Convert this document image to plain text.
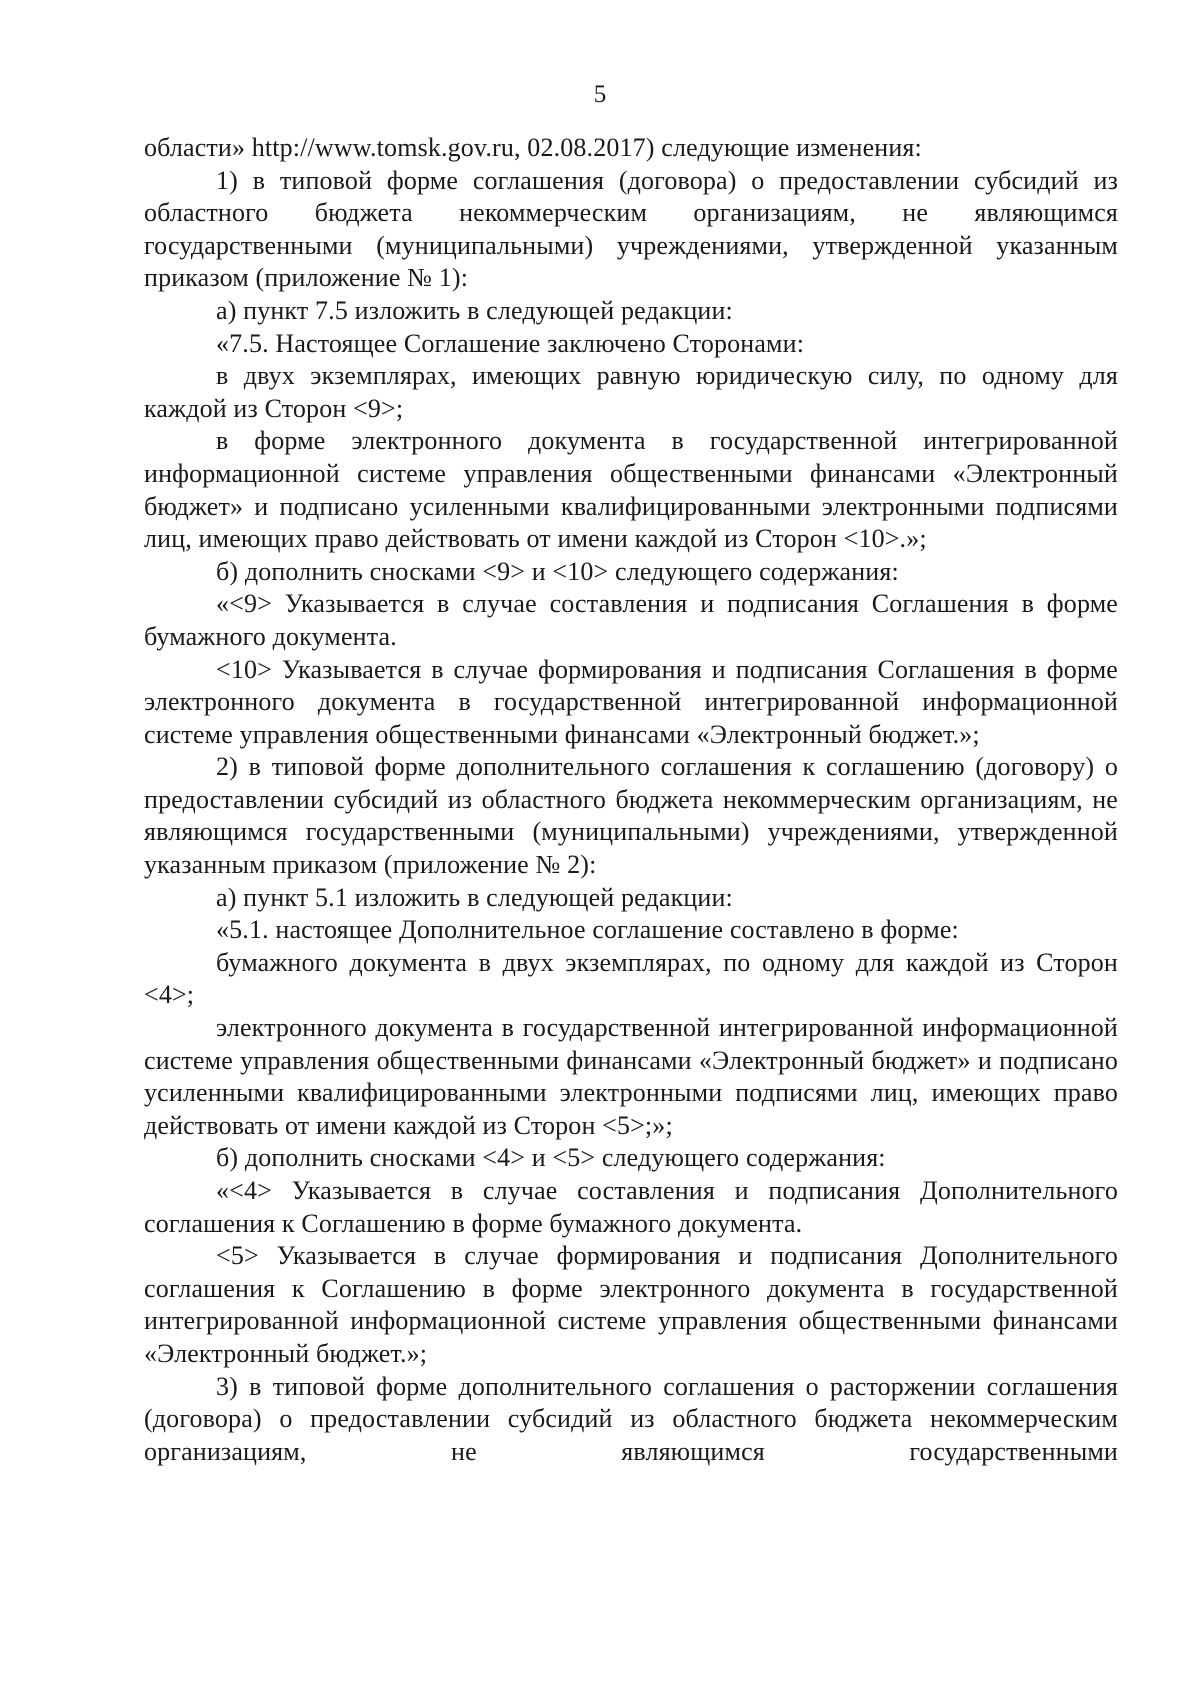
5

области» http://www.tomsk.gov.ru, 02.08.2017) следующие изменения:

1) в типовой форме соглашения (договора) о предоставлении субсидий из областного бюджета некоммерческим организациям, не являющимся государственными (муниципальными) учреждениями, утвержденной указанным приказом (приложение № 1):

а) пункт 7.5 изложить в следующей редакции:

«7.5. Настоящее Соглашение заключено Сторонами:

в двух экземплярах, имеющих равную юридическую силу, по одному для каждой из Сторон <9>;

в форме электронного документа в государственной интегрированной информационной системе управления общественными финансами «Электронный бюджет» и подписано усиленными квалифицированными электронными подписями лиц, имеющих право действовать от имени каждой из Сторон <10>.»;

б) дополнить сносками <9> и <10> следующего содержания:

«<9> Указывается в случае составления и подписания Соглашения в форме бумажного документа.

<10> Указывается в случае формирования и подписания Соглашения в форме электронного документа в государственной интегрированной информационной системе управления общественными финансами «Электронный бюджет.»;

2) в типовой форме дополнительного соглашения к соглашению (договору) о предоставлении субсидий из областного бюджета некоммерческим организациям, не являющимся государственными (муниципальными) учреждениями, утвержденной указанным приказом (приложение № 2):

а) пункт 5.1 изложить в следующей редакции:

«5.1. настоящее Дополнительное соглашение составлено в форме:

бумажного документа в двух экземплярах, по одному для каждой из Сторон <4>;

электронного документа в государственной интегрированной информационной системе управления общественными финансами «Электронный бюджет» и подписано усиленными квалифицированными электронными подписями лиц, имеющих право действовать от имени каждой из Сторон <5>;»;

б) дополнить сносками <4> и <5> следующего содержания:

«<4> Указывается в случае составления и подписания Дополнительного соглашения к Соглашению в форме бумажного документа.

<5> Указывается в случае формирования и подписания Дополнительного соглашения к Соглашению в форме электронного документа в государственной интегрированной информационной системе управления общественными финансами «Электронный бюджет.»;

3) в типовой форме дополнительного соглашения о расторжении соглашения (договора) о предоставлении субсидий из областного бюджета некоммерческим организациям, не являющимся государственными
